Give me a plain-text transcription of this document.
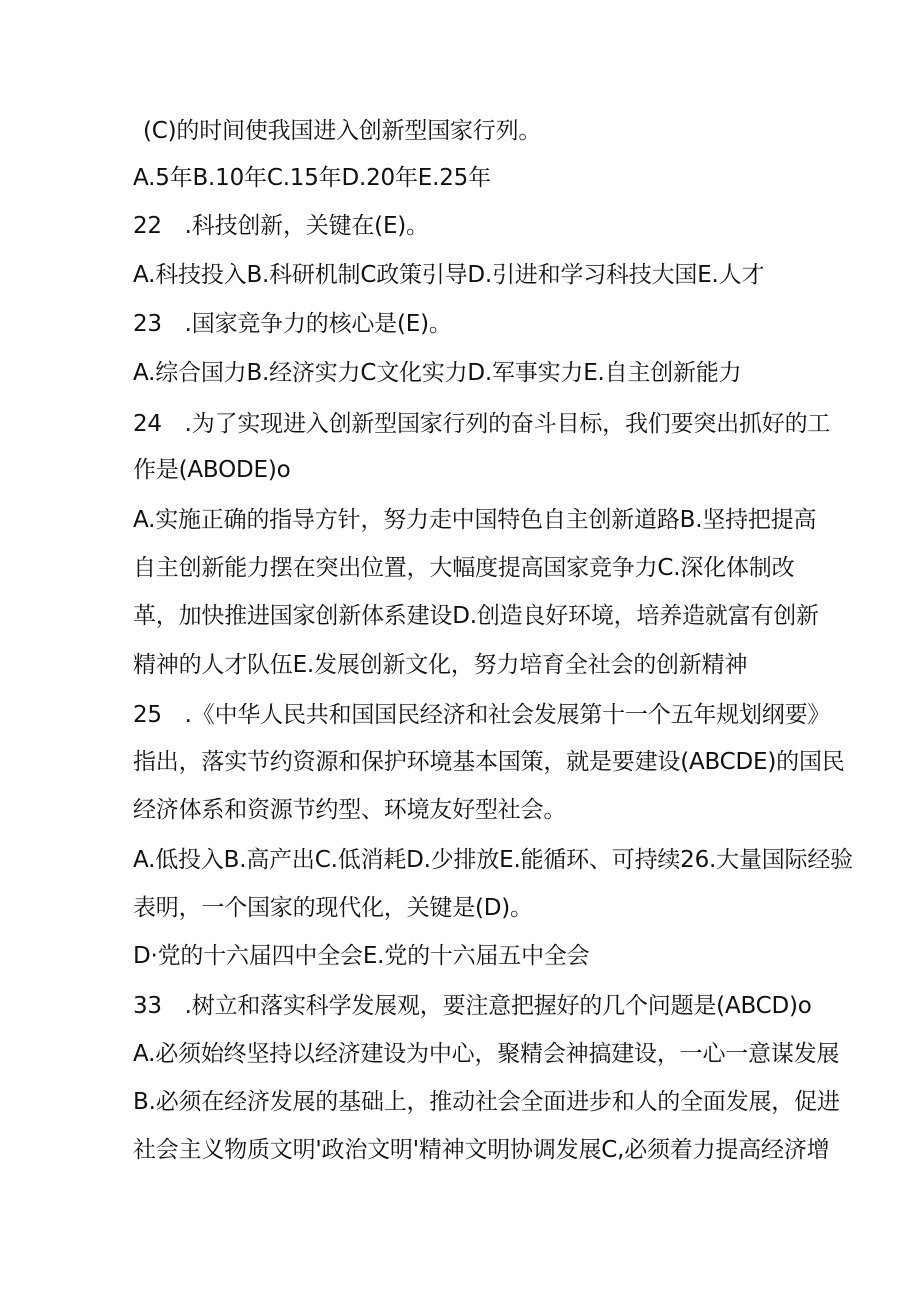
(C)的时间使我国进入创新型国家行列。
A.5年B.10年C.15年D.20年E.25年
22　.科技创新，关键在(E)。
A.科技投入B.科研机制C政策引导D.引进和学习科技大国E.人才
23　.国家竞争力的核心是(E)。
A.综合国力B.经济实力C文化实力D.军事实力E.自主创新能力
24　.为了实现进入创新型国家行列的奋斗目标，我们要突出抓好的工
作是(ABODE)o
A.实施正确的指导方针，努力走中国特色自主创新道路B.坚持把提高
自主创新能力摆在突出位置，大幅度提高国家竞争力C.深化体制改
革，加快推进国家创新体系建设D.创造良好环境，培养造就富有创新
精神的人才队伍E.发展创新文化，努力培育全社会的创新精神
25　.《中华人民共和国国民经济和社会发展第十一个五年规划纲要》
指出，落实节约资源和保护环境基本国策，就是要建设(ABCDE)的国民
经济体系和资源节约型、环境友好型社会。
A.低投入B.高产出C.低消耗D.少排放E.能循环、可持续26.大量国际经验
表明，一个国家的现代化，关键是(D)。
D·党的十六届四中全会E.党的十六届五中全会
33　.树立和落实科学发展观，要注意把握好的几个问题是(ABCD)o
A.必须始终坚持以经济建设为中心，聚精会神搞建设，一心一意谋发展
B.必须在经济发展的基础上，推动社会全面进步和人的全面发展，促进
社会主义物质文明'政治文明'精神文明协调发展C,必须着力提高经济增
